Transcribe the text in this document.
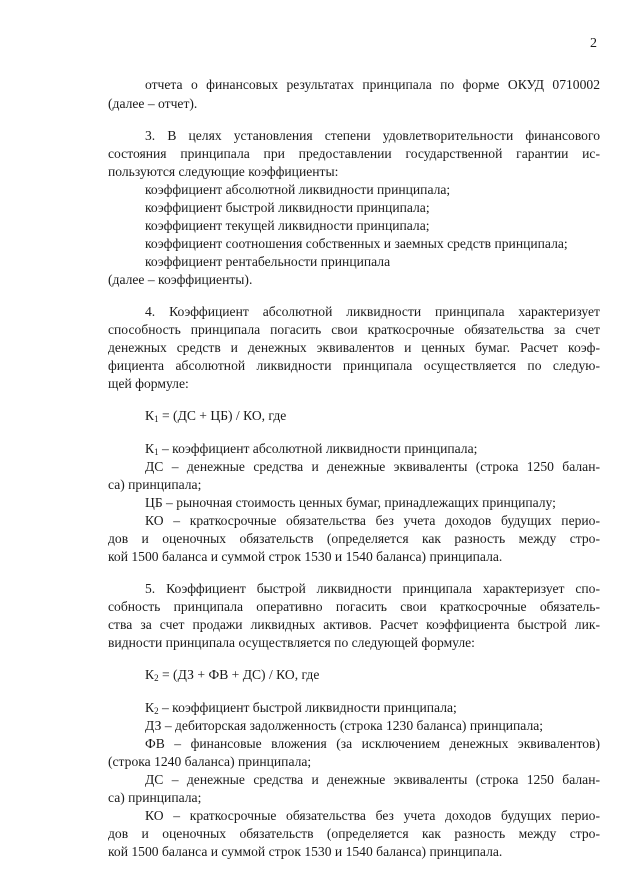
2
отчета о финансовых результатах принципала по форме ОКУД 0710002
(далее – отчет).
3. В целях установления степени удовлетворительности финансового
состояния принципала при предоставлении государственной гарантии ис-
пользуются следующие коэффициенты:
коэффициент абсолютной ликвидности принципала;
коэффициент быстрой ликвидности принципала;
коэффициент текущей ликвидности принципала;
коэффициент соотношения собственных и заемных средств принципала;
коэффициент рентабельности принципала
(далее – коэффициенты).
4. Коэффициент абсолютной ликвидности принципала характеризует
способность принципала погасить свои краткосрочные обязательства за счет
денежных средств и денежных эквивалентов и ценных бумаг. Расчет коэф-
фициента абсолютной ликвидности принципала осуществляется по следую-
щей формуле:
$К_1 = (ДС + ЦБ)$ / КО, где
$К_1$ – коэффициент абсолютной ликвидности принципала;
ДС – денежные средства и денежные эквиваленты (строка 1250 балан-
са) принципала;
ЦБ – рыночная стоимость ценных бумаг, принадлежащих принципалу;
КО – краткосрочные обязательства без учета доходов будущих перио-
дов и оценочных обязательств (определяется как разность между стро-
кой 1500 баланса и суммой строк 1530 и 1540 баланса) принципала.
5. Коэффициент быстрой ликвидности принципала характеризует спо-
собность принципала оперативно погасить свои краткосрочные обязатель-
ства за счет продажи ликвидных активов. Расчет коэффициента быстрой лик-
видности принципала осуществляется по следующей формуле:
$К_2 = (ДЗ$ + ФВ + ДС) / КО, где
$К_2$ – коэффициент быстрой ликвидности принципала;
ДЗ – дебиторская задолженность (строка 1230 баланса) принципала;
ФВ – финансовые вложения (за исключением денежных эквивалентов)
(строка 1240 баланса) принципала;
ДС – денежные средства и денежные эквиваленты (строка 1250 балан-
са) принципала;
КО – краткосрочные обязательства без учета доходов будущих перио-
дов и оценочных обязательств (определяется как разность между стро-
кой 1500 баланса и суммой строк 1530 и 1540 баланса) принципала.
